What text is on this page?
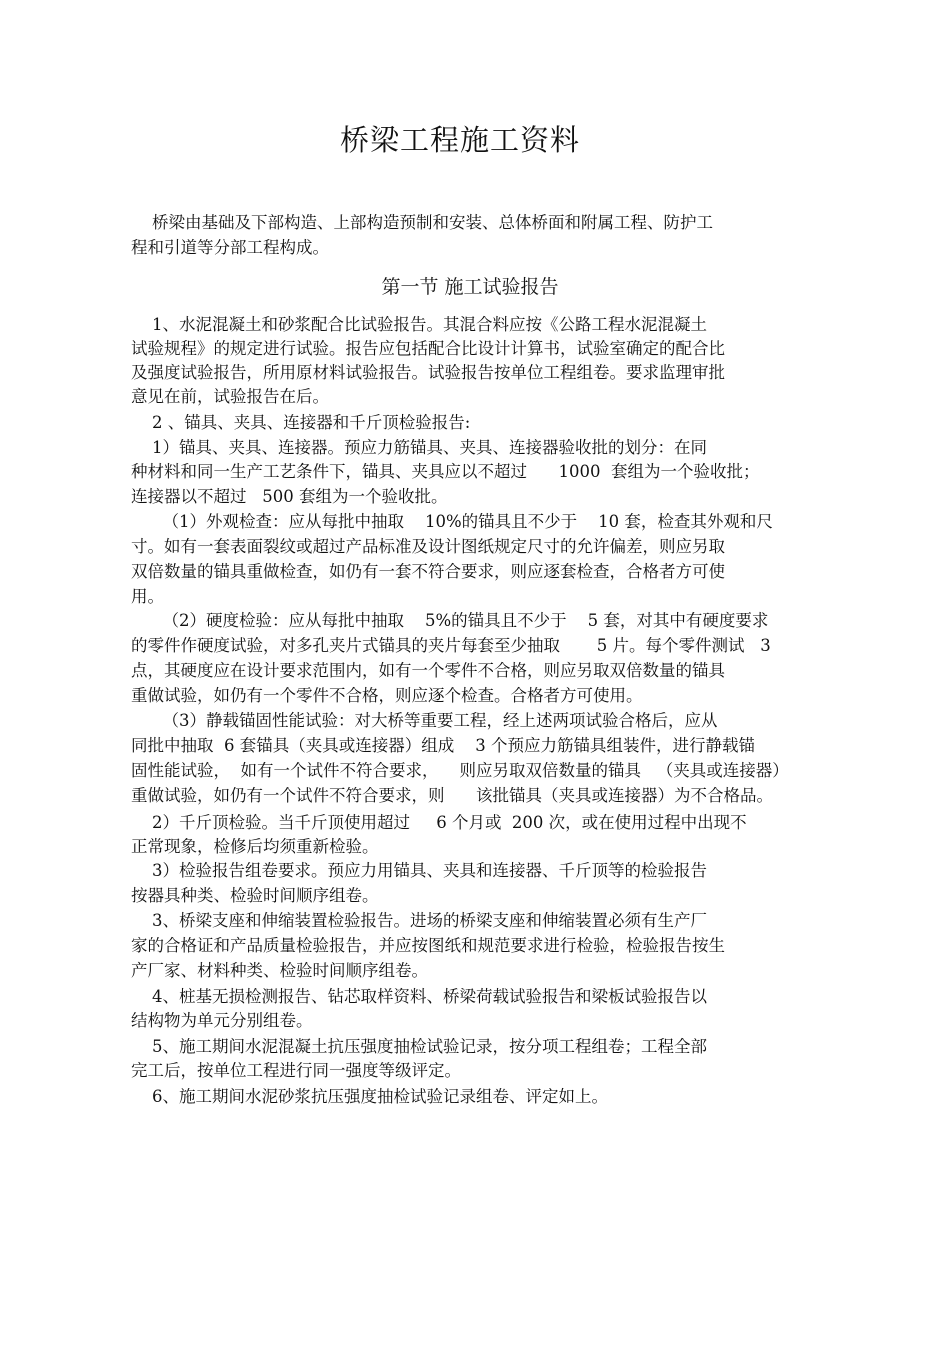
桥梁工程施工资料
第一节 施工试验报告
桥梁由基础及下部构造、上部构造预制和安装、总体桥面和附属工程、防护工
程和引道等分部工程构成。
1、水泥混凝土和砂浆配合比试验报告。其混合料应按《公路工程水泥混凝土
试验规程》的规定进行试验。报告应包括配合比设计计算书，试验室确定的配合比
及强度试验报告，所用原材料试验报告。试验报告按单位工程组卷。要求监理审批
意见在前，试验报告在后。
2 、锚具、夹具、连接器和千斤顶检验报告:
1）锚具、夹具、连接器。预应力筋锚具、夹具、连接器验收批的划分：在同
种材料和同一生产工艺条件下，锚具、夹具应以不超过      1000  套组为一个验收批；
连接器以不超过   500 套组为一个验收批。
（1）外观检查：应从每批中抽取    10%的锚具且不少于    10 套，检查其外观和尺
寸。如有一套表面裂纹或超过产品标准及设计图纸规定尺寸的允许偏差，则应另取
双倍数量的锚具重做检查，如仍有一套不符合要求，则应逐套检查，合格者方可使
用。
（2）硬度检验：应从每批中抽取    5%的锚具且不少于    5 套，对其中有硬度要求
的零件作硬度试验，对多孔夹片式锚具的夹片每套至少抽取       5 片。每个零件测试   3
点，其硬度应在设计要求范围内，如有一个零件不合格，则应另取双倍数量的锚具
重做试验，如仍有一个零件不合格，则应逐个检查。合格者方可使用。
（3）静载锚固性能试验：对大桥等重要工程，经上述两项试验合格后，应从
同批中抽取  6 套锚具（夹具或连接器）组成    3 个预应力筋锚具组装件，进行静载锚
固性能试验，  如有一个试件不符合要求，    则应另取双倍数量的锚具   （夹具或连接器）
重做试验，如仍有一个试件不符合要求，则      该批锚具（夹具或连接器）为不合格品。
2）千斤顶检验。当千斤顶使用超过     6 个月或  200 次，或在使用过程中出现不
正常现象，检修后均须重新检验。
3）检验报告组卷要求。预应力用锚具、夹具和连接器、千斤顶等的检验报告
按器具种类、检验时间顺序组卷。
3、桥梁支座和伸缩装置检验报告。进场的桥梁支座和伸缩装置必须有生产厂
家的合格证和产品质量检验报告，并应按图纸和规范要求进行检验，检验报告按生
产厂家、材料种类、检验时间顺序组卷。
4、桩基无损检测报告、钻芯取样资料、桥梁荷载试验报告和梁板试验报告以
结构物为单元分别组卷。
5、施工期间水泥混凝土抗压强度抽检试验记录，按分项工程组卷；工程全部
完工后，按单位工程进行同一强度等级评定。
6、施工期间水泥砂浆抗压强度抽检试验记录组卷、评定如上。
